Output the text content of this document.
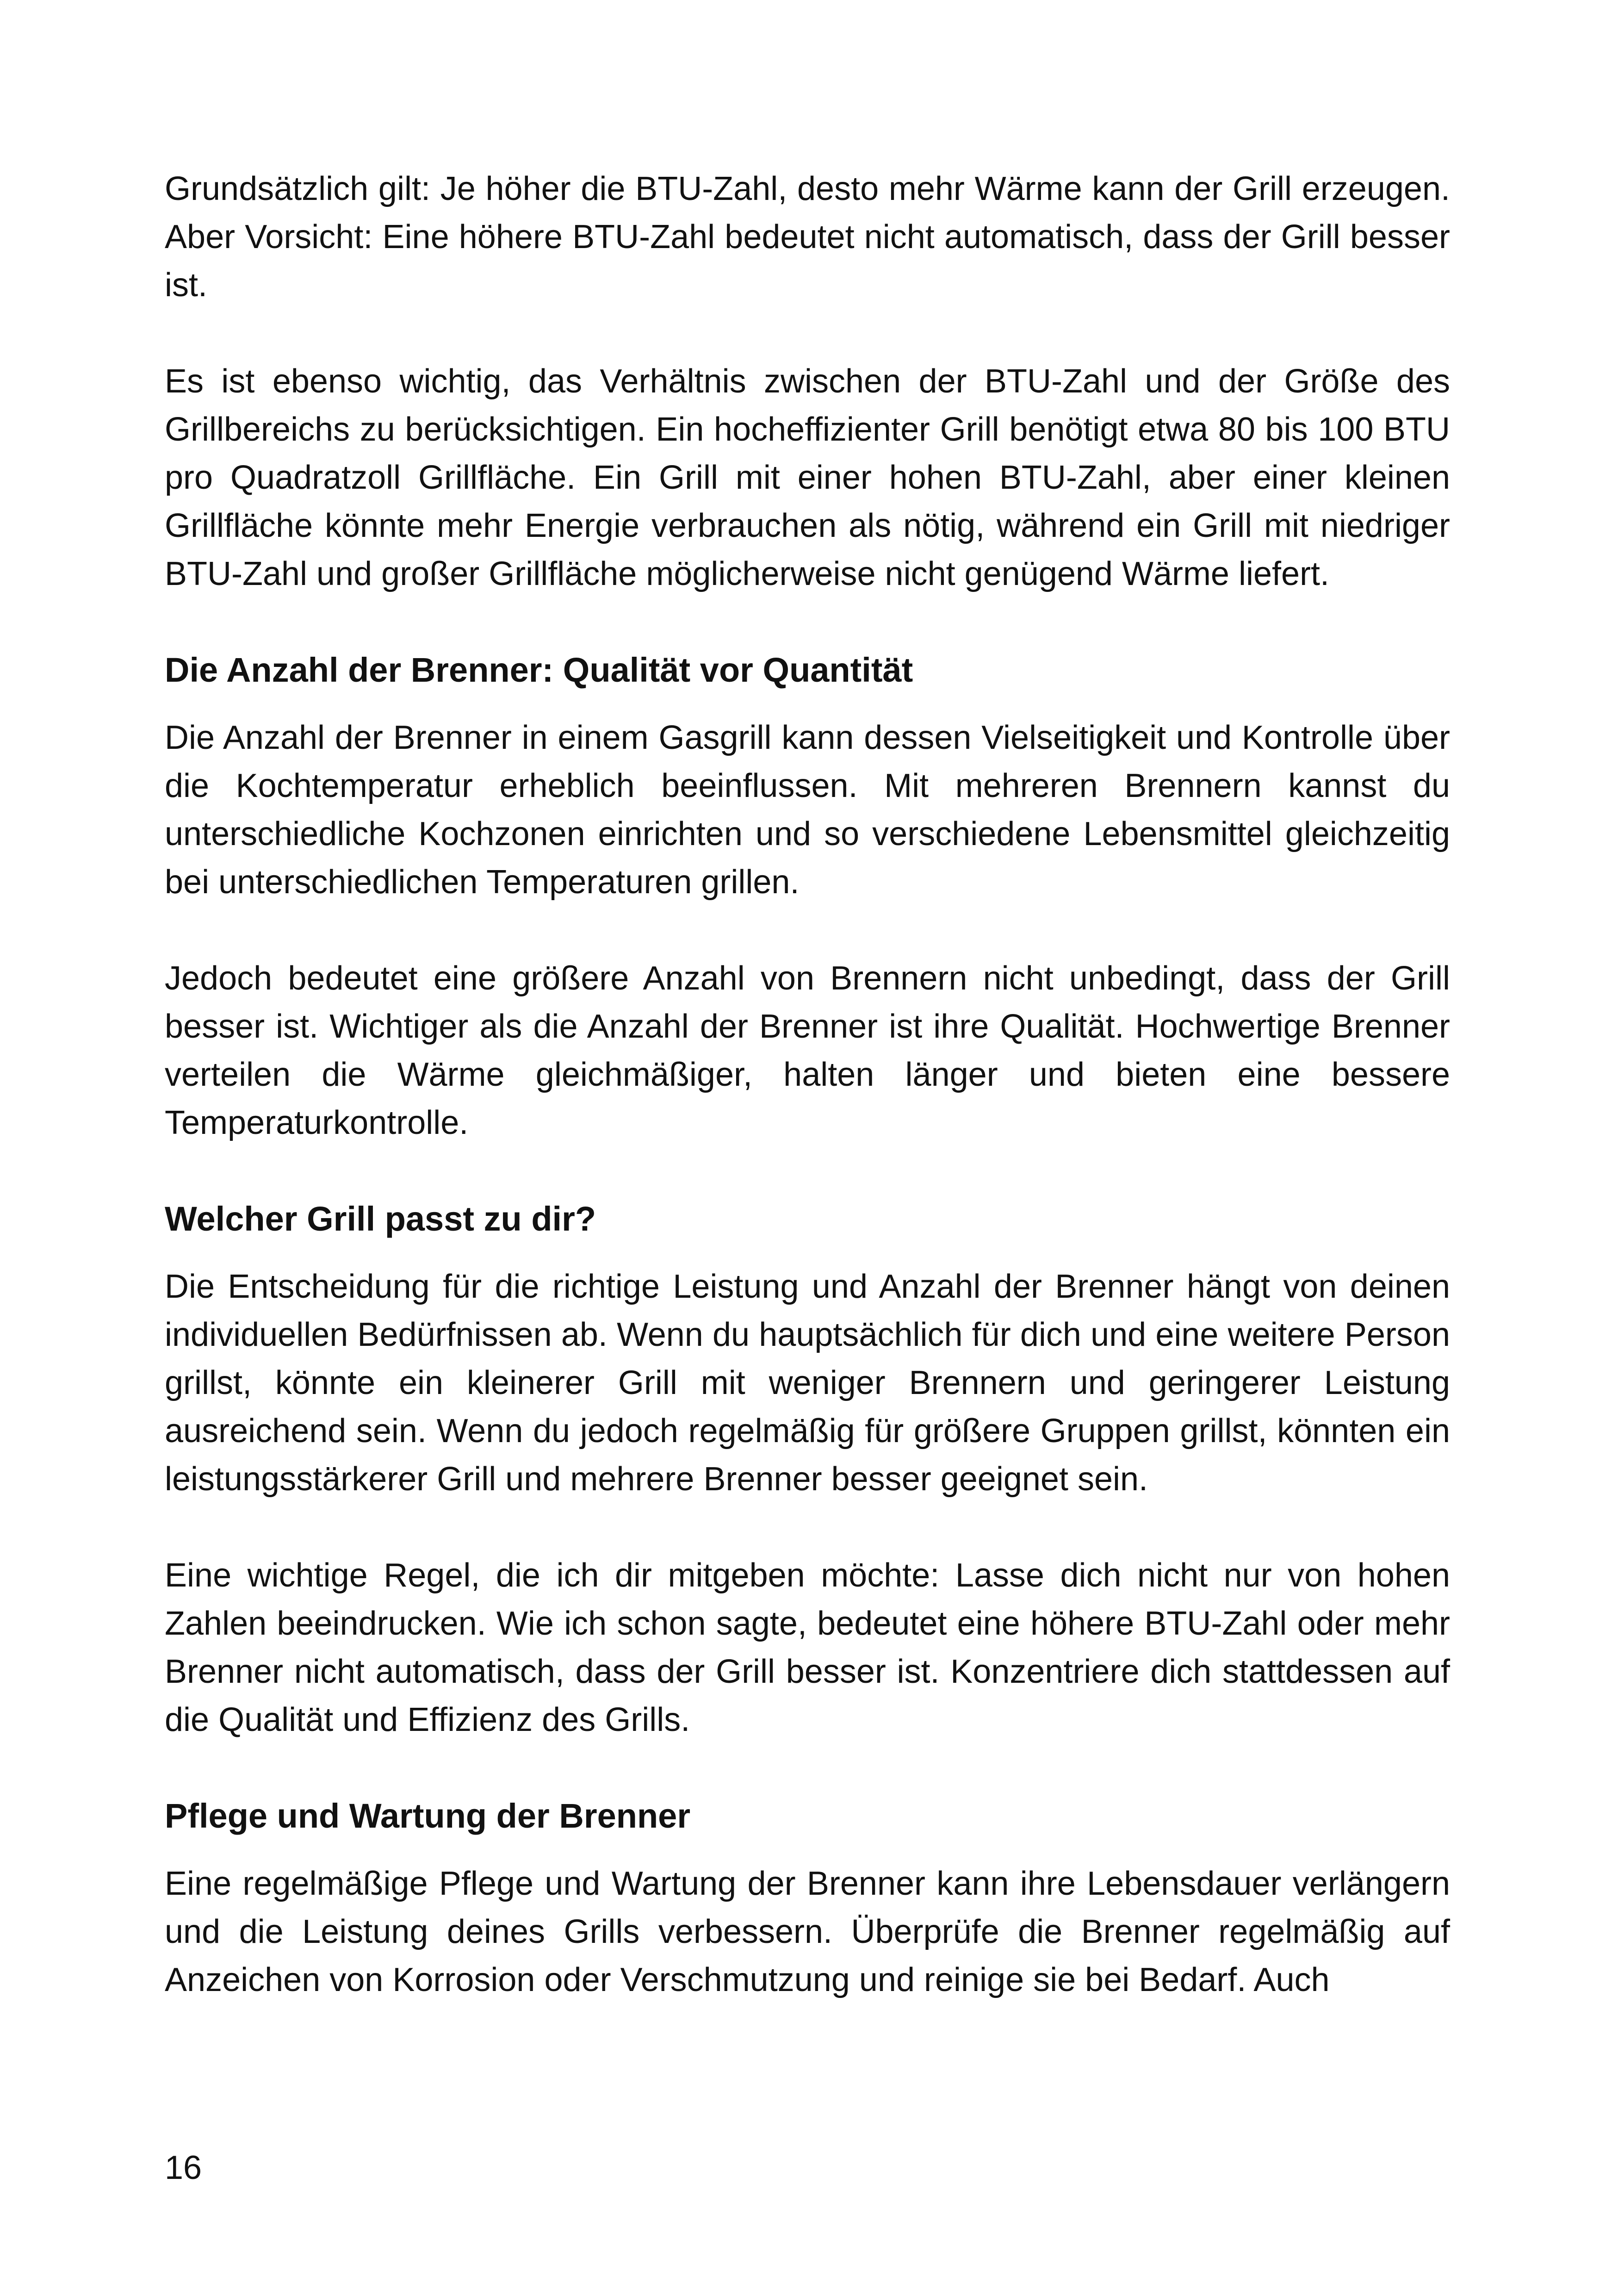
Grundsätzlich gilt: Je höher die BTU-Zahl, desto mehr Wärme kann der Grill erzeugen. Aber Vorsicht: Eine höhere BTU-Zahl bedeutet nicht automatisch, dass der Grill besser ist.

Es ist ebenso wichtig, das Verhältnis zwischen der BTU-Zahl und der Größe des Grillbereichs zu berücksichtigen. Ein hocheffizienter Grill benötigt etwa 80 bis 100 BTU pro Quadratzoll Grillfläche. Ein Grill mit einer hohen BTU-Zahl, aber einer kleinen Grillfläche könnte mehr Energie verbrauchen als nötig, während ein Grill mit niedriger BTU-Zahl und großer Grillfläche möglicherweise nicht genügend Wärme liefert.

Die Anzahl der Brenner: Qualität vor Quantität

Die Anzahl der Brenner in einem Gasgrill kann dessen Vielseitigkeit und Kontrolle über die Kochtemperatur erheblich beeinflussen. Mit mehreren Brennern kannst du unterschiedliche Kochzonen einrichten und so verschiedene Lebensmittel gleichzeitig bei unterschiedlichen Temperaturen grillen.

Jedoch bedeutet eine größere Anzahl von Brennern nicht unbedingt, dass der Grill besser ist. Wichtiger als die Anzahl der Brenner ist ihre Qualität. Hochwertige Brenner verteilen die Wärme gleichmäßiger, halten länger und bieten eine bessere Temperaturkontrolle.

Welcher Grill passt zu dir?

Die Entscheidung für die richtige Leistung und Anzahl der Brenner hängt von deinen individuellen Bedürfnissen ab. Wenn du hauptsächlich für dich und eine weitere Person grillst, könnte ein kleinerer Grill mit weniger Brennern und geringerer Leistung ausreichend sein. Wenn du jedoch regelmäßig für größere Gruppen grillst, könnten ein leistungsstärkerer Grill und mehrere Brenner besser geeignet sein.

Eine wichtige Regel, die ich dir mitgeben möchte: Lasse dich nicht nur von hohen Zahlen beeindrucken. Wie ich schon sagte, bedeutet eine höhere BTU-Zahl oder mehr Brenner nicht automatisch, dass der Grill besser ist. Konzentriere dich stattdessen auf die Qualität und Effizienz des Grills.

Pflege und Wartung der Brenner

Eine regelmäßige Pflege und Wartung der Brenner kann ihre Lebensdauer verlängern und die Leistung deines Grills verbessern. Überprüfe die Brenner regelmäßig auf Anzeichen von Korrosion oder Verschmutzung und reinige sie bei Bedarf. Auch

16
